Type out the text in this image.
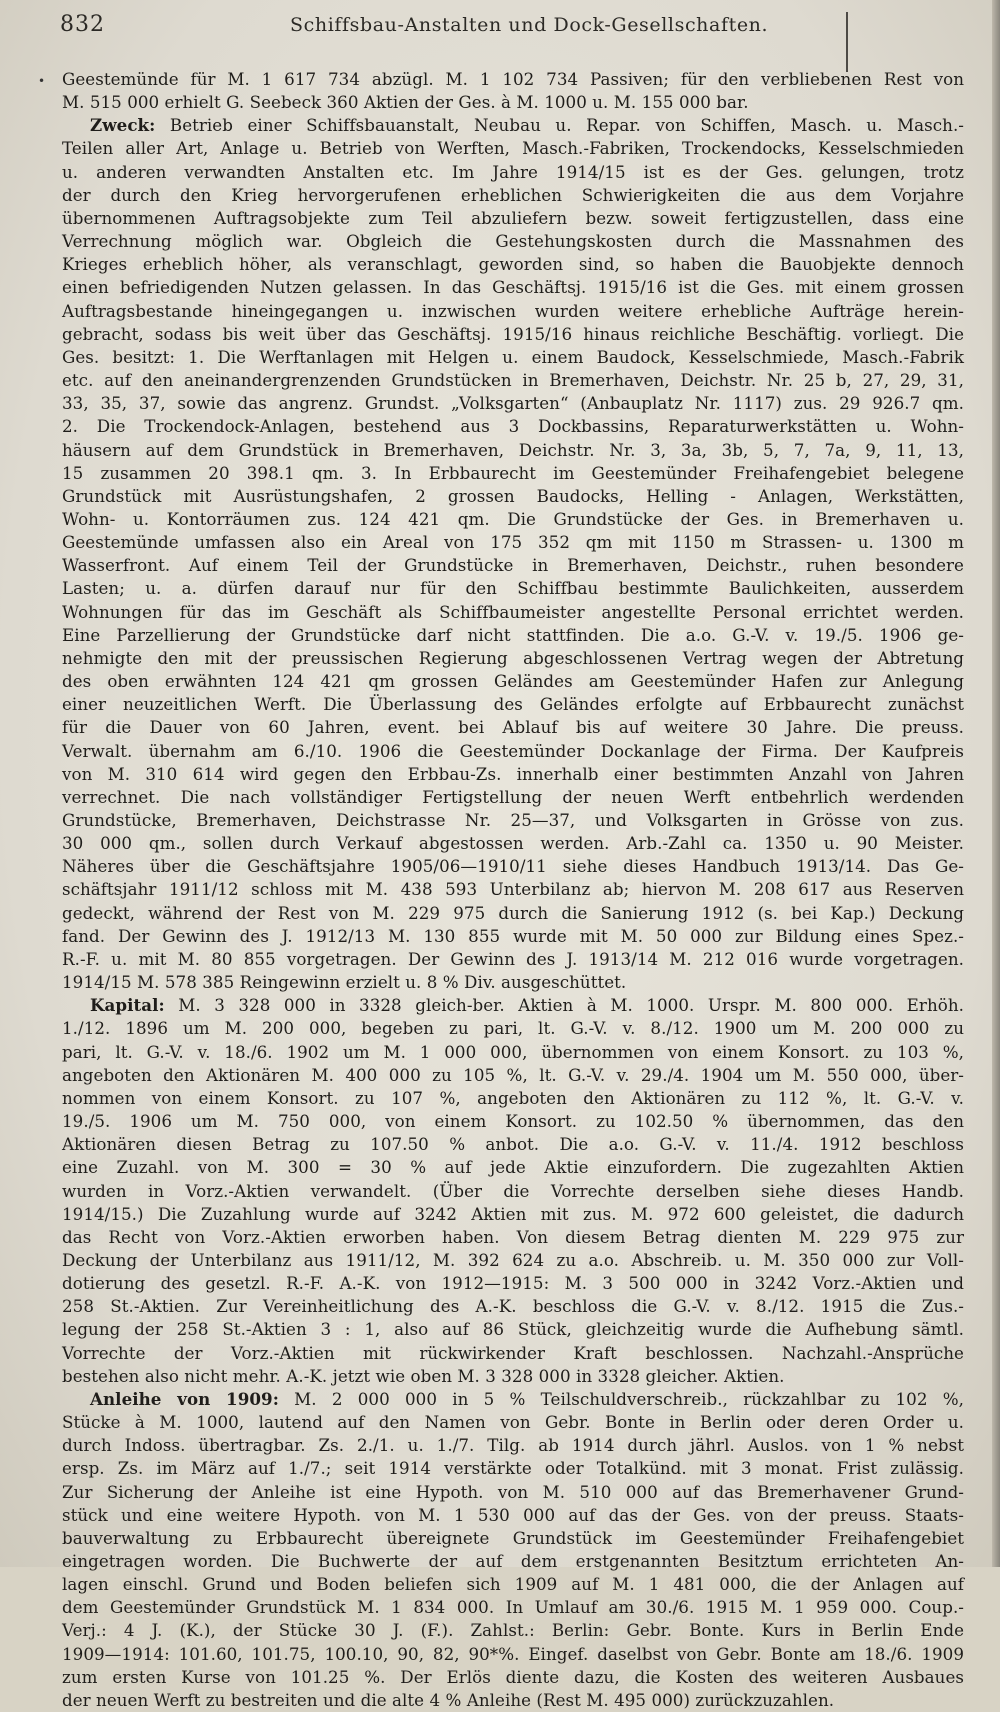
832	Schiffsbau-Anstalten und Dock-Gesellschaften.
• Geestemünde für M. 1 617 734 abzügl. M. 1 102 734 Passiven; für den verbliebenen Rest von
M. 515 000 erhielt G. Seebeck 360 Aktien der Ges. à M. 1000 u. M. 155 000 bar.
Zweck: Betrieb einer Schiffsbauanstalt, Neubau u. Repar. von Schiffen, Masch. u. Masch.-
Teilen aller Art, Anlage u. Betrieb von Werften, Masch.-Fabriken, Trockendocks, Kesselschmieden
u. anderen verwandten Anstalten etc. Im Jahre 1914/15 ist es der Ges. gelungen, trotz
der durch den Krieg hervorgerufenen erheblichen Schwierigkeiten die aus dem Vorjahre
übernommenen Auftragsobjekte zum Teil abzuliefern bezw. soweit fertigzustellen, dass eine
Verrechnung möglich war. Obgleich die Gestehungskosten durch die Massnahmen des
Krieges erheblich höher, als veranschlagt, geworden sind, so haben die Bauobjekte dennoch
einen befriedigenden Nutzen gelassen. In das Geschäftsj. 1915/16 ist die Ges. mit einem grossen
Auftragsbestande hineingegangen u. inzwischen wurden weitere erhebliche Aufträge herein-
gebracht, sodass bis weit über das Geschäftsj. 1915/16 hinaus reichliche Beschäftig. vorliegt. Die
Ges. besitzt: 1. Die Werftanlagen mit Helgen u. einem Baudock, Kesselschmiede, Masch.-Fabrik
etc. auf den aneinandergrenzenden Grundstücken in Bremerhaven, Deichstr. Nr. 25 b, 27, 29, 31,
33, 35, 37, sowie das angrenz. Grundst. „Volksgarten“ (Anbauplatz Nr. 1117) zus. 29 926.7 qm.
2. Die Trockendock-Anlagen, bestehend aus 3 Dockbassins, Reparaturwerkstätten u. Wohn-
häusern auf dem Grundstück in Bremerhaven, Deichstr. Nr. 3, 3a, 3b, 5, 7, 7a, 9, 11, 13,
15 zusammen 20 398.1 qm. 3. In Erbbaurecht im Geestemünder Freihafengebiet belegene
Grundstück mit Ausrüstungshafen, 2 grossen Baudocks, Helling - Anlagen, Werkstätten,
Wohn- u. Kontorräumen zus. 124 421 qm. Die Grundstücke der Ges. in Bremerhaven u.
Geestemünde umfassen also ein Areal von 175 352 qm mit 1150 m Strassen- u. 1300 m
Wasserfront. Auf einem Teil der Grundstücke in Bremerhaven, Deichstr., ruhen besondere
Lasten; u. a. dürfen darauf nur für den Schiffbau bestimmte Baulichkeiten, ausserdem
Wohnungen für das im Geschäft als Schiffbaumeister angestellte Personal errichtet werden.
Eine Parzellierung der Grundstücke darf nicht stattfinden. Die a.o. G.-V. v. 19./5. 1906 ge-
nehmigte den mit der preussischen Regierung abgeschlossenen Vertrag wegen der Abtretung
des oben erwähnten 124 421 qm grossen Geländes am Geestemünder Hafen zur Anlegung
einer neuzeitlichen Werft. Die Überlassung des Geländes erfolgte auf Erbbaurecht zunächst
für die Dauer von 60 Jahren, event. bei Ablauf bis auf weitere 30 Jahre. Die preuss.
Verwalt. übernahm am 6./10. 1906 die Geestemünder Dockanlage der Firma. Der Kaufpreis
von M. 310 614 wird gegen den Erbbau-Zs. innerhalb einer bestimmten Anzahl von Jahren
verrechnet. Die nach vollständiger Fertigstellung der neuen Werft entbehrlich werdenden
Grundstücke, Bremerhaven, Deichstrasse Nr. 25—37, und Volksgarten in Grösse von zus.
30 000 qm., sollen durch Verkauf abgestossen werden. Arb.-Zahl ca. 1350 u. 90 Meister.
Näheres über die Geschäftsjahre 1905/06—1910/11 siehe dieses Handbuch 1913/14. Das Ge-
schäftsjahr 1911/12 schloss mit M. 438 593 Unterbilanz ab; hiervon M. 208 617 aus Reserven
gedeckt, während der Rest von M. 229 975 durch die Sanierung 1912 (s. bei Kap.) Deckung
fand. Der Gewinn des J. 1912/13 M. 130 855 wurde mit M. 50 000 zur Bildung eines Spez.-
R.-F. u. mit M. 80 855 vorgetragen. Der Gewinn des J. 1913/14 M. 212 016 wurde vorgetragen.
1914/15 M. 578 385 Reingewinn erzielt u. 8 % Div. ausgeschüttet.
Kapital: M. 3 328 000 in 3328 gleich-ber. Aktien à M. 1000. Urspr. M. 800 000. Erhöh.
1./12. 1896 um M. 200 000, begeben zu pari, lt. G.-V. v. 8./12. 1900 um M. 200 000 zu
pari, lt. G.-V. v. 18./6. 1902 um M. 1 000 000, übernommen von einem Konsort. zu 103 %,
angeboten den Aktionären M. 400 000 zu 105 %, lt. G.-V. v. 29./4. 1904 um M. 550 000, über-
nommen von einem Konsort. zu 107 %, angeboten den Aktionären zu 112 %, lt. G.-V. v.
19./5. 1906 um M. 750 000, von einem Konsort. zu 102.50 % übernommen, das den
Aktionären diesen Betrag zu 107.50 % anbot. Die a.o. G.-V. v. 11./4. 1912 beschloss
eine Zuzahl. von M. 300 = 30 % auf jede Aktie einzufordern. Die zugezahlten Aktien
wurden in Vorz.-Aktien verwandelt. (Über die Vorrechte derselben siehe dieses Handb.
1914/15.) Die Zuzahlung wurde auf 3242 Aktien mit zus. M. 972 600 geleistet, die dadurch
das Recht von Vorz.-Aktien erworben haben. Von diesem Betrag dienten M. 229 975 zur
Deckung der Unterbilanz aus 1911/12, M. 392 624 zu a.o. Abschreib. u. M. 350 000 zur Voll-
dotierung des gesetzl. R.-F. A.-K. von 1912—1915: M. 3 500 000 in 3242 Vorz.-Aktien und
258 St.-Aktien. Zur Vereinheitlichung des A.-K. beschloss die G.-V. v. 8./12. 1915 die Zus.-
legung der 258 St.-Aktien 3 : 1, also auf 86 Stück, gleichzeitig wurde die Aufhebung sämtl.
Vorrechte der Vorz.-Aktien mit rückwirkender Kraft beschlossen. Nachzahl.-Ansprüche
bestehen also nicht mehr. A.-K. jetzt wie oben M. 3 328 000 in 3328 gleicher. Aktien.
Anleihe von 1909: M. 2 000 000 in 5 % Teilschuldverschreib., rückzahlbar zu 102 %,
Stücke à M. 1000, lautend auf den Namen von Gebr. Bonte in Berlin oder deren Order u.
durch Indoss. übertragbar. Zs. 2./1. u. 1./7. Tilg. ab 1914 durch jährl. Auslos. von 1 % nebst
ersp. Zs. im März auf 1./7.; seit 1914 verstärkte oder Totalkünd. mit 3 monat. Frist zulässig.
Zur Sicherung der Anleihe ist eine Hypoth. von M. 510 000 auf das Bremerhavener Grund-
stück und eine weitere Hypoth. von M. 1 530 000 auf das der Ges. von der preuss. Staats-
bauverwaltung zu Erbbaurecht übereignete Grundstück im Geestemünder Freihafengebiet
eingetragen worden. Die Buchwerte der auf dem erstgenannten Besitztum errichteten An-
lagen einschl. Grund und Boden beliefen sich 1909 auf M. 1 481 000, die der Anlagen auf
dem Geestemünder Grundstück M. 1 834 000. In Umlauf am 30./6. 1915 M. 1 959 000. Coup.-
Verj.: 4 J. (K.), der Stücke 30 J. (F.). Zahlst.: Berlin: Gebr. Bonte. Kurs in Berlin Ende
1909—1914: 101.60, 101.75, 100.10, 90, 82, 90*%. Eingef. daselbst von Gebr. Bonte am 18./6. 1909
zum ersten Kurse von 101.25 %. Der Erlös diente dazu, die Kosten des weiteren Ausbaues
der neuen Werft zu bestreiten und die alte 4 % Anleihe (Rest M. 495 000) zurückzuzahlen.
